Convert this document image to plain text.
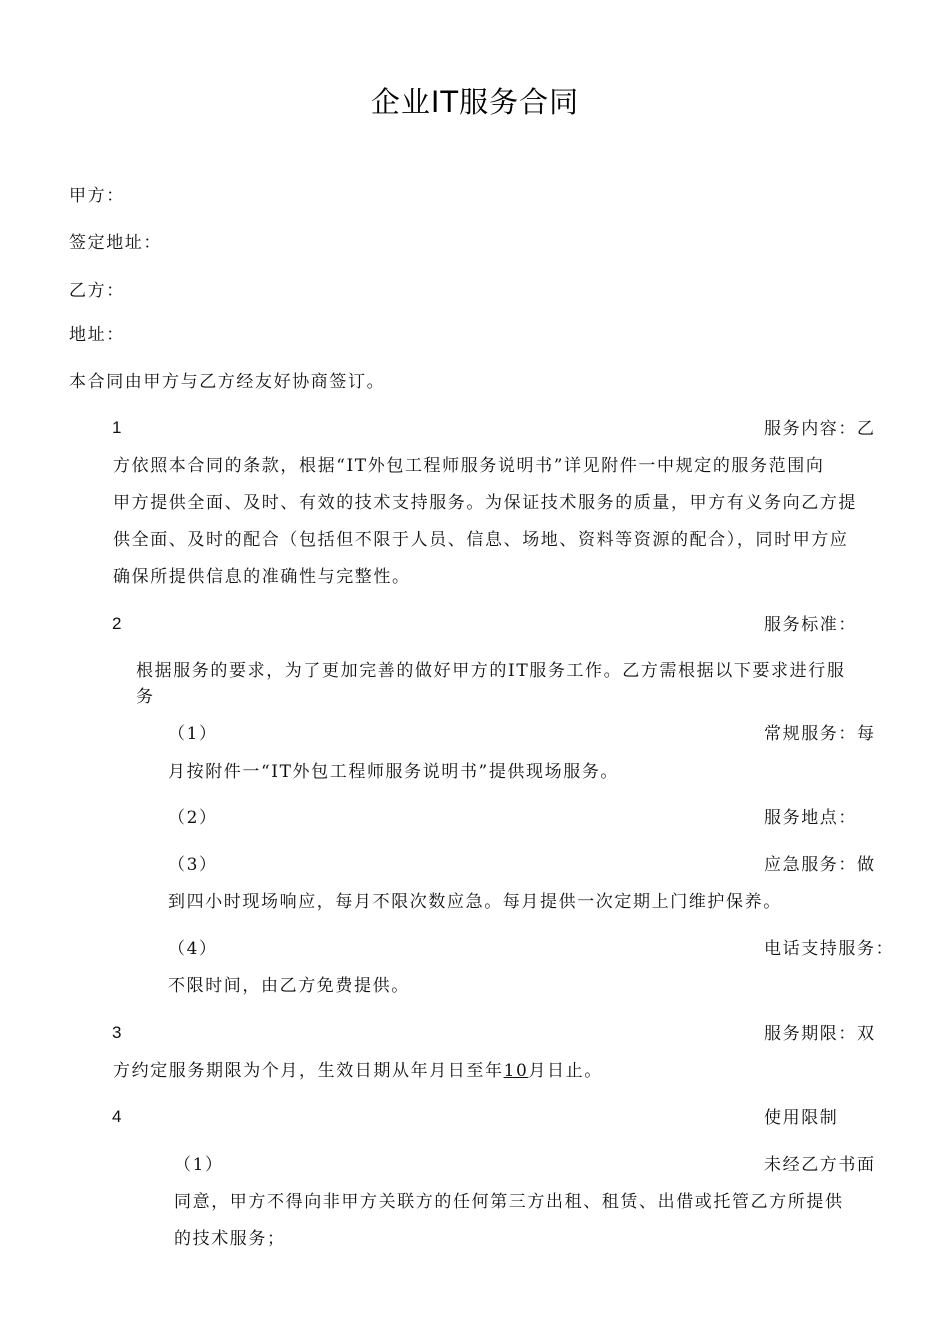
企业IT服务合同
甲方：
签定地址：
乙方：
地址：
本合同由甲方与乙方经友好协商签订。
1	服务内容：乙
方依照本合同的条款，根据“IT外包工程师服务说明书”详见附件一中规定的服务范围向
甲方提供全面、及时、有效的技术支持服务。为保证技术服务的质量，甲方有义务向乙方提
供全面、及时的配合（包括但不限于人员、信息、场地、资料等资源的配合），同时甲方应
确保所提供信息的准确性与完整性。
2	服务标准：
根据服务的要求，为了更加完善的做好甲方的IT服务工作。乙方需根据以下要求进行服
务
（1）	常规服务：每
月按附件一“IT外包工程师服务说明书”提供现场服务。
（2）	服务地点：
（3）	应急服务：做
到四小时现场响应，每月不限次数应急。每月提供一次定期上门维护保养。
（4）	电话支持服务：
不限时间，由乙方免费提供。
3	服务期限：双
方约定服务期限为个月，生效日期从年月日至年10月日止。
4	使用限制
（1）	未经乙方书面
同意，甲方不得向非甲方关联方的任何第三方出租、租赁、出借或托管乙方所提供
的技术服务；
